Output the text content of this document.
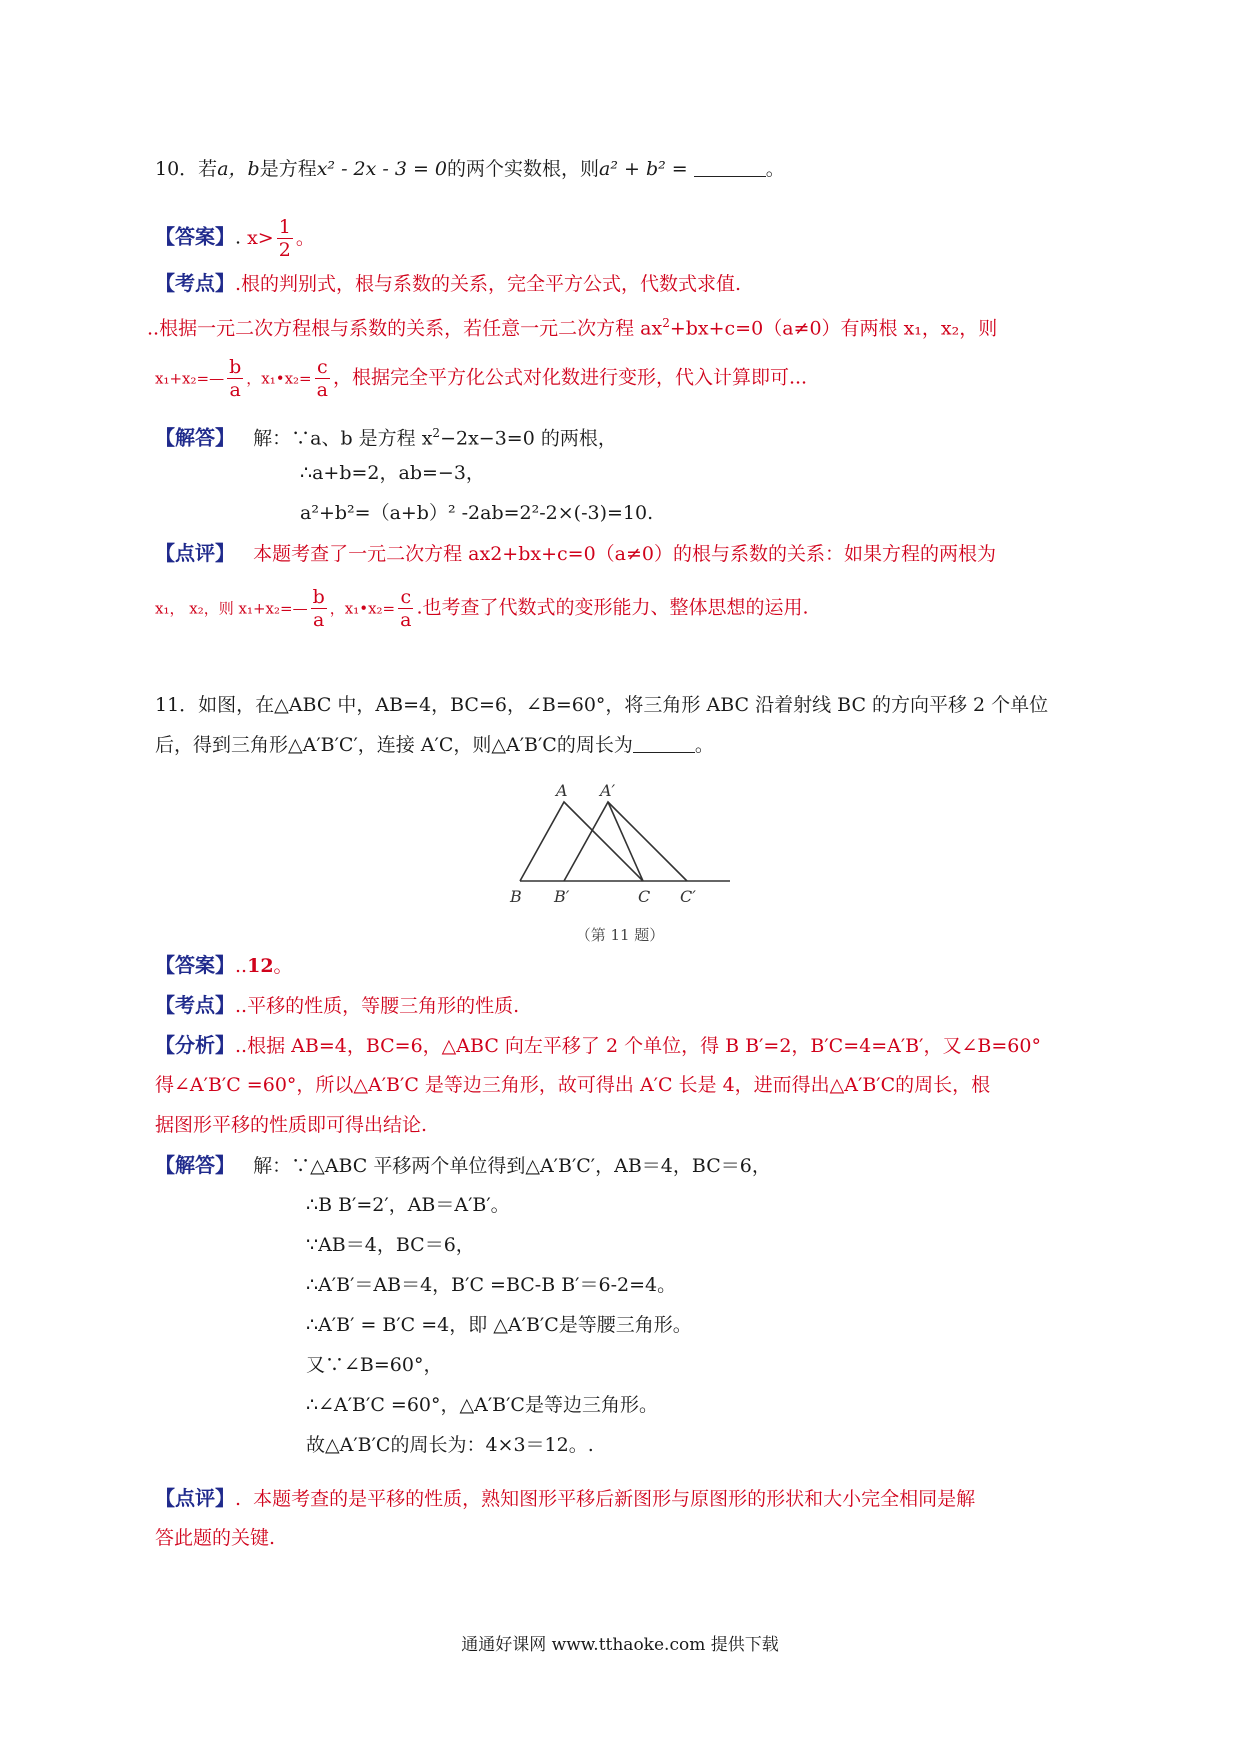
10．若a，b是方程x² - 2x - 3 = 0的两个实数根，则a² + b² =	。
【答案】. $x> \frac{1}{2}$ 。
【考点】.根的判别式，根与系数的关系，完全平方公式，代数式求值.
..根据一元二次方程根与系数的关系，若任意一元二次方程 $ax^2+bx+c=0(a\ne 0)$有两根 x₁，x₂，则
x₁+x₂=— $\frac{b}{a}$ ，x₁•x₂= $\frac{c}{a}$ ，根据完全平方化公式对化数进行变形，代入计算即可...
【解答】 解：∵a、b 是方程 $x^2-2x-3=0$ 的两根，
∴a+b=2，ab=−3，
a²+b²=（a+b）² -2ab=2²-2×(-3)=10.
【点评】 本题考查了一元二次方程 ax2+bx+c=0（a≠0）的根与系数的关系：如果方程的两根为
x₁， x₂，则 x₁+x₂=— $\frac{b}{a}$ ，x₁•x₂= $\frac{c}{a}$ .也考查了代数式的变形能力、整体思想的运用.
11．如图，在△ABC 中，AB=4，BC=6，∠B=60°，将三角形 ABC 沿着射线 BC 的方向平移 2 个单位
后，得到三角形△A′B′C′，连接 A′C，则△A′B′C的周长为	。
A A′
B B′	C C′
（第 11 题）
【答案】..12。
【考点】..平移的性质，等腰三角形的性质.
【分析】..根据 AB=4，BC=6，△ABC 向左平移了 2 个单位，得 B B′=2，B′C=4=A′B′，又∠B=60°
得∠A′B′C =60°，所以△A′B′C 是等边三角形，故可得出 A′C 长是 4，进而得出△A′B′C的周长，根
据图形平移的性质即可得出结论.
【解答】 解：∵△ABC 平移两个单位得到△A′B′C′，AB＝4，BC＝6，
∴B B′=2′，AB＝A′B′。
∵AB＝4，BC＝6，
∴A′B′＝AB＝4，B′C =BC-B B′＝6-2=4。
∴A′B′ = B′C =4，即 △A′B′C是等腰三角形。
又∵∠B=60°，
∴∠A′B′C =60°，△A′B′C是等边三角形。
故△A′B′C的周长为：4×3＝12。.
【点评】. 本题考查的是平移的性质，熟知图形平移后新图形与原图形的形状和大小完全相同是解
答此题的关键.
通通好课网 www.tthaoke.com 提供下载
